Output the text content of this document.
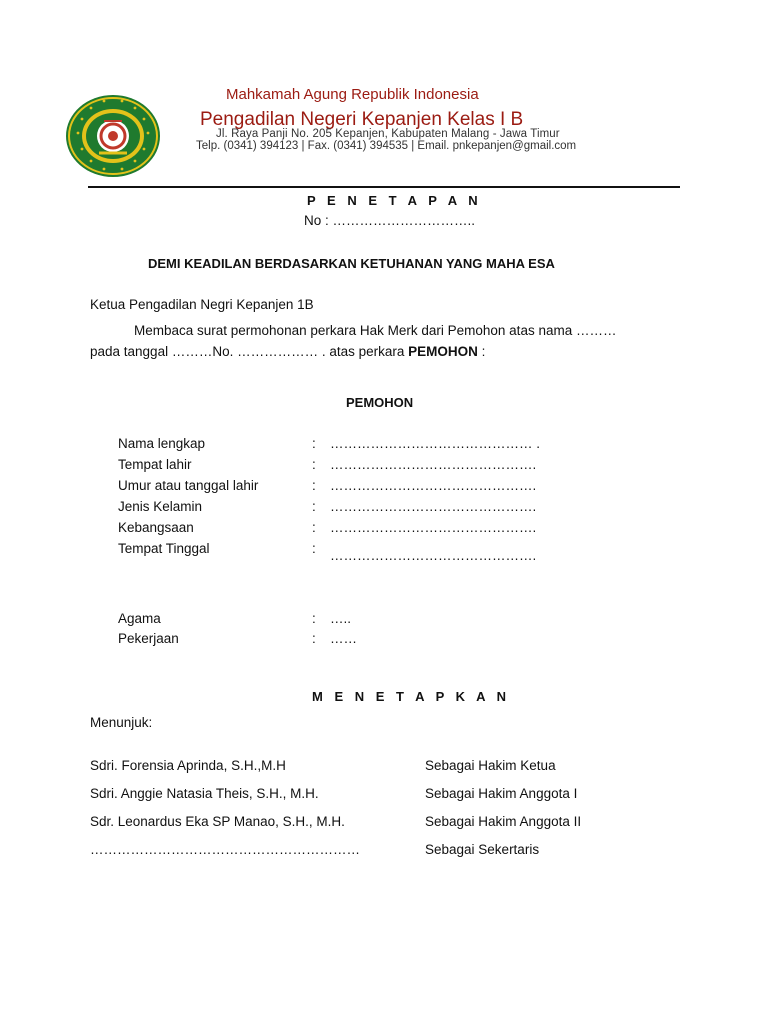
Mahkamah Agung Republik Indonesia
Pengadilan Negeri Kepanjen Kelas I B
Jl. Raya Panji No. 205 Kepanjen, Kabupaten Malang - Jawa Timur
Telp. (0341) 394123 | Fax. (0341) 394535 | Email. pnkepanjen@gmail.com
P E N E T A P A N
No : …………………………..
DEMI KEADILAN BERDASARKAN KETUHANAN YANG MAHA ESA
Ketua Pengadilan Negri Kepanjen 1B
Membaca surat permohonan perkara Hak Merk dari Pemohon atas nama ………
pada tanggal ………No. ……………… . atas perkara PEMOHON :
PEMOHON
Nama lengkap	: ……………………………………… .
Tempat lahir	: ……………………………………….
Umur atau tanggal lahir	: ……………………………………….
Jenis Kelamin	: ……………………………………….
Kebangsaan	: ……………………………………….
Tempat Tinggal	: ……………………………………….
Agama	: …..
Pekerjaan	: ……
M E N E T A P K A N
Menunjuk:
Sdri. Forensia Aprinda, S.H.,M.H	Sebagai Hakim Ketua
Sdri. Anggie Natasia Theis, S.H., M.H.	Sebagai Hakim Anggota I
Sdr. Leonardus Eka SP Manao, S.H., M.H.	Sebagai Hakim Anggota II
……………………………………………………	Sebagai Sekertaris
